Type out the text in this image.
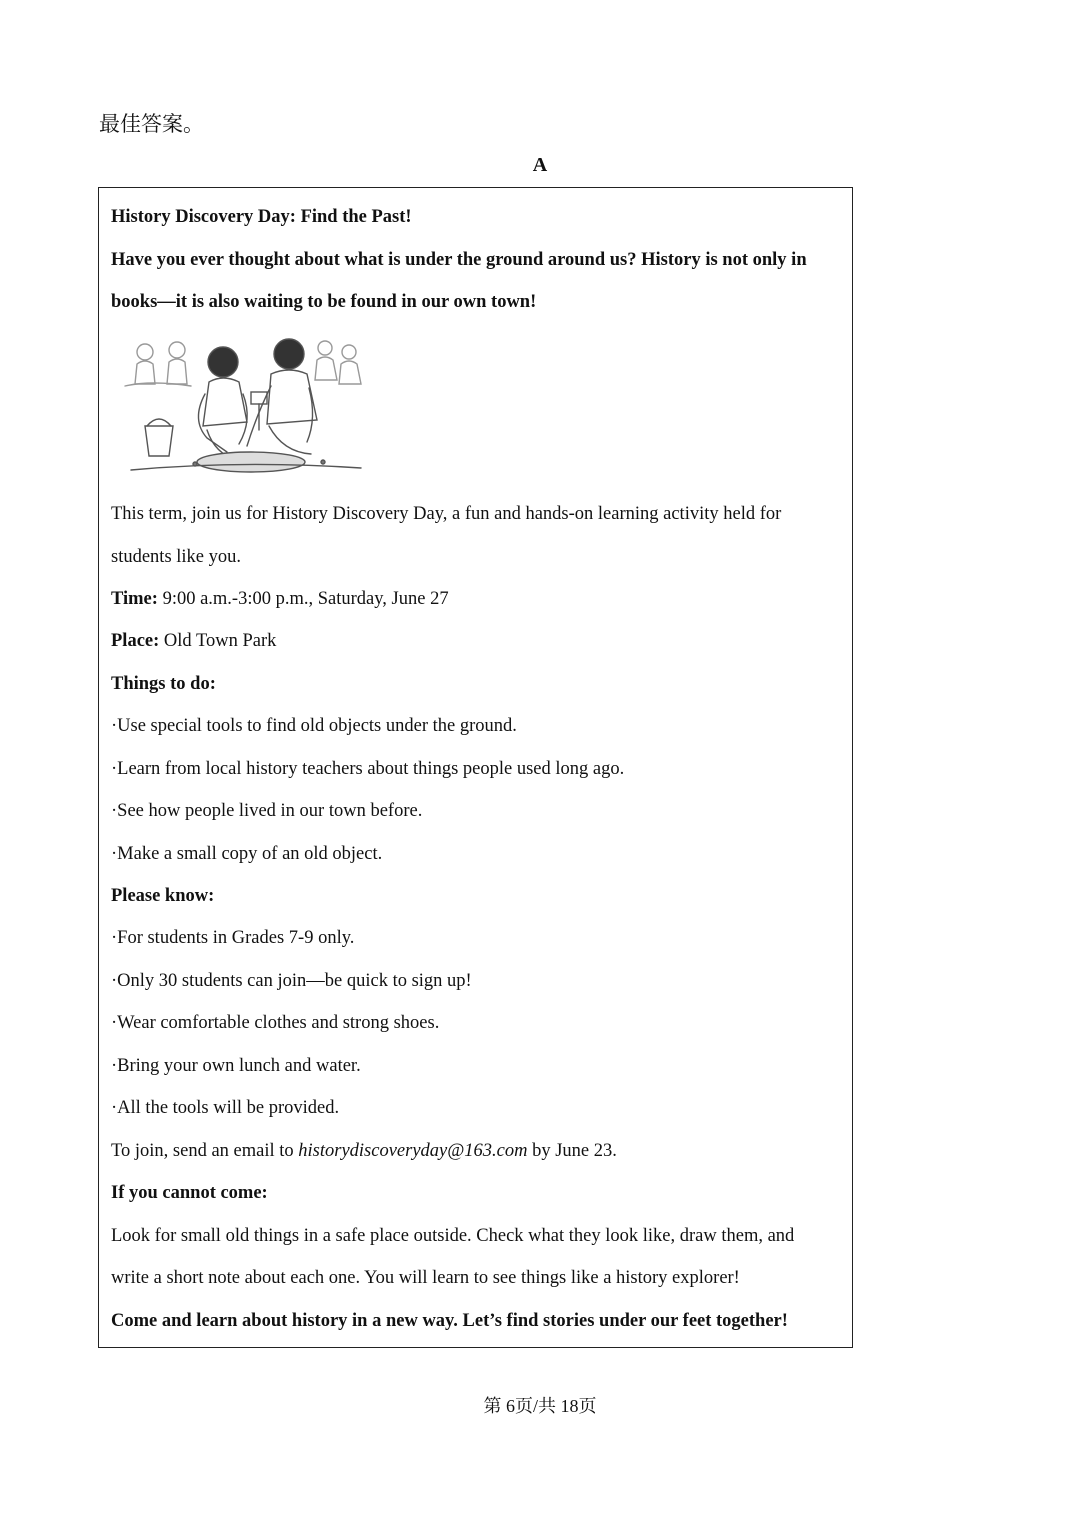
最佳答案。
A
History Discovery Day: Find the Past!
Have you ever thought about what is under the ground around us? History is not only in
books—it is also waiting to be found in our own town!
This term, join us for History Discovery Day, a fun and hands-on learning activity held for
students like you.
Time: 9:00 a.m.-3:00 p.m., Saturday, June 27
Place: Old Town Park
Things to do:
·Use special tools to find old objects under the ground.
·Learn from local history teachers about things people used long ago.
·See how people lived in our town before.
·Make a small copy of an old object.
Please know:
·For students in Grades 7-9 only.
·Only 30 students can join—be quick to sign up!
·Wear comfortable clothes and strong shoes.
·Bring your own lunch and water.
·All the tools will be provided.
To join, send an email to historydiscoveryday@163.com by June 23.
If you cannot come:
Look for small old things in a safe place outside. Check what they look like, draw them, and
write a short note about each one. You will learn to see things like a history explorer!
Come and learn about history in a new way. Let’s find stories under our feet together!
第 6页/共 18页
